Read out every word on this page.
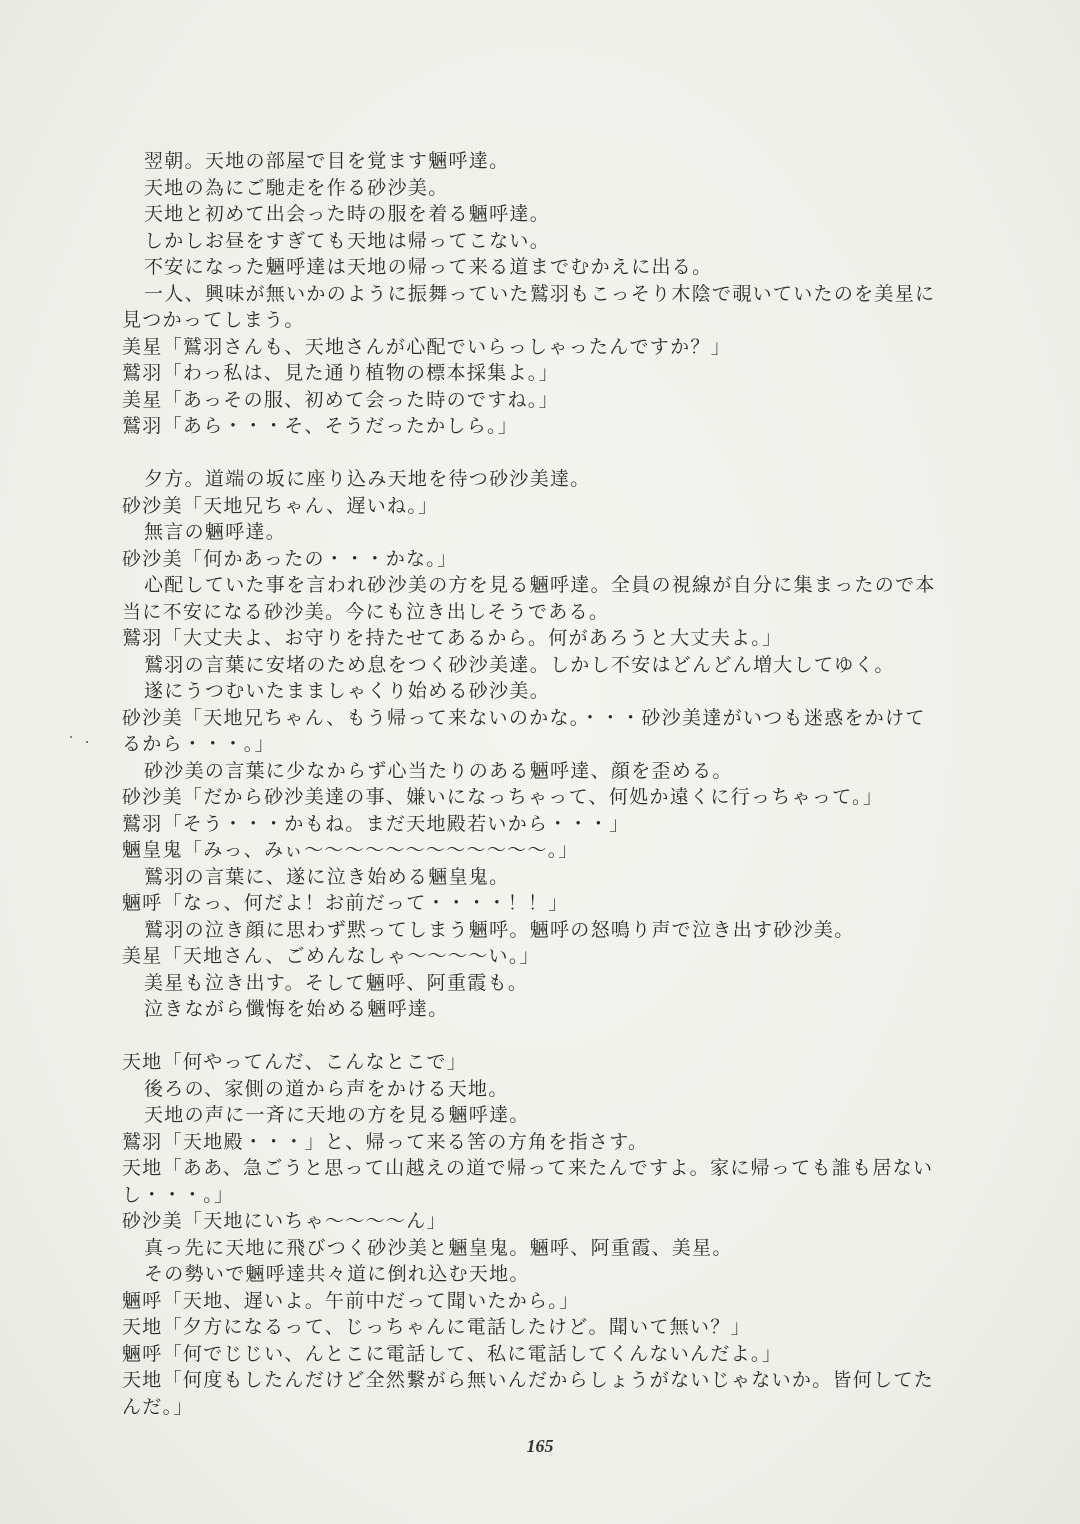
翌朝。天地の部屋で目を覚ます魎呼達。
天地の為にご馳走を作る砂沙美。
天地と初めて出会った時の服を着る魎呼達。
しかしお昼をすぎても天地は帰ってこない。
不安になった魎呼達は天地の帰って来る道までむかえに出る。
一人、興味が無いかのように振舞っていた鷲羽もこっそり木陰で覗いていたのを美星に
見つかってしまう。
美星「鷲羽さんも、天地さんが心配でいらっしゃったんですか？」
鷲羽「わっ私は、見た通り植物の標本採集よ。」
美星「あっその服、初めて会った時のですね。」
鷲羽「あら・・・そ、そうだったかしら。」
夕方。道端の坂に座り込み天地を待つ砂沙美達。
砂沙美「天地兄ちゃん、遅いね。」
無言の魎呼達。
砂沙美「何かあったの・・・かな。」
心配していた事を言われ砂沙美の方を見る魎呼達。全員の視線が自分に集まったので本
当に不安になる砂沙美。今にも泣き出しそうである。
鷲羽「大丈夫よ、お守りを持たせてあるから。何があろうと大丈夫よ。」
鷲羽の言葉に安堵のため息をつく砂沙美達。しかし不安はどんどん増大してゆく。
遂にうつむいたまましゃくり始める砂沙美。
砂沙美「天地兄ちゃん、もう帰って来ないのかな。・・・砂沙美達がいつも迷惑をかけて
るから・・・。」
砂沙美の言葉に少なからず心当たりのある魎呼達、顔を歪める。
砂沙美「だから砂沙美達の事、嫌いになっちゃって、何処か遠くに行っちゃって。」
鷲羽「そう・・・かもね。まだ天地殿若いから・・・」
魎皇鬼「みっ、みぃ～～～～～～～～～～～～。」
鷲羽の言葉に、遂に泣き始める魎皇鬼。
魎呼「なっ、何だよ！お前だって・・・・！！」
鷲羽の泣き顔に思わず黙ってしまう魎呼。魎呼の怒鳴り声で泣き出す砂沙美。
美星「天地さん、ごめんなしゃ～～～～い。」
美星も泣き出す。そして魎呼、阿重霞も。
泣きながら懺悔を始める魎呼達。
天地「何やってんだ、こんなとこで」
後ろの、家側の道から声をかける天地。
天地の声に一斉に天地の方を見る魎呼達。
鷲羽「天地殿・・・」と、帰って来る筈の方角を指さす。
天地「ああ、急ごうと思って山越えの道で帰って来たんですよ。家に帰っても誰も居ない
し・・・。」
砂沙美「天地にいちゃ～～～～ん」
真っ先に天地に飛びつく砂沙美と魎皇鬼。魎呼、阿重霞、美星。
その勢いで魎呼達共々道に倒れ込む天地。
魎呼「天地、遅いよ。午前中だって聞いたから。」
天地「夕方になるって、じっちゃんに電話したけど。聞いて無い？」
魎呼「何でじじい、んとこに電話して、私に電話してくんないんだよ。」
天地「何度もしたんだけど全然繋がら無いんだからしょうがないじゃないか。皆何してた
んだ。」
165
